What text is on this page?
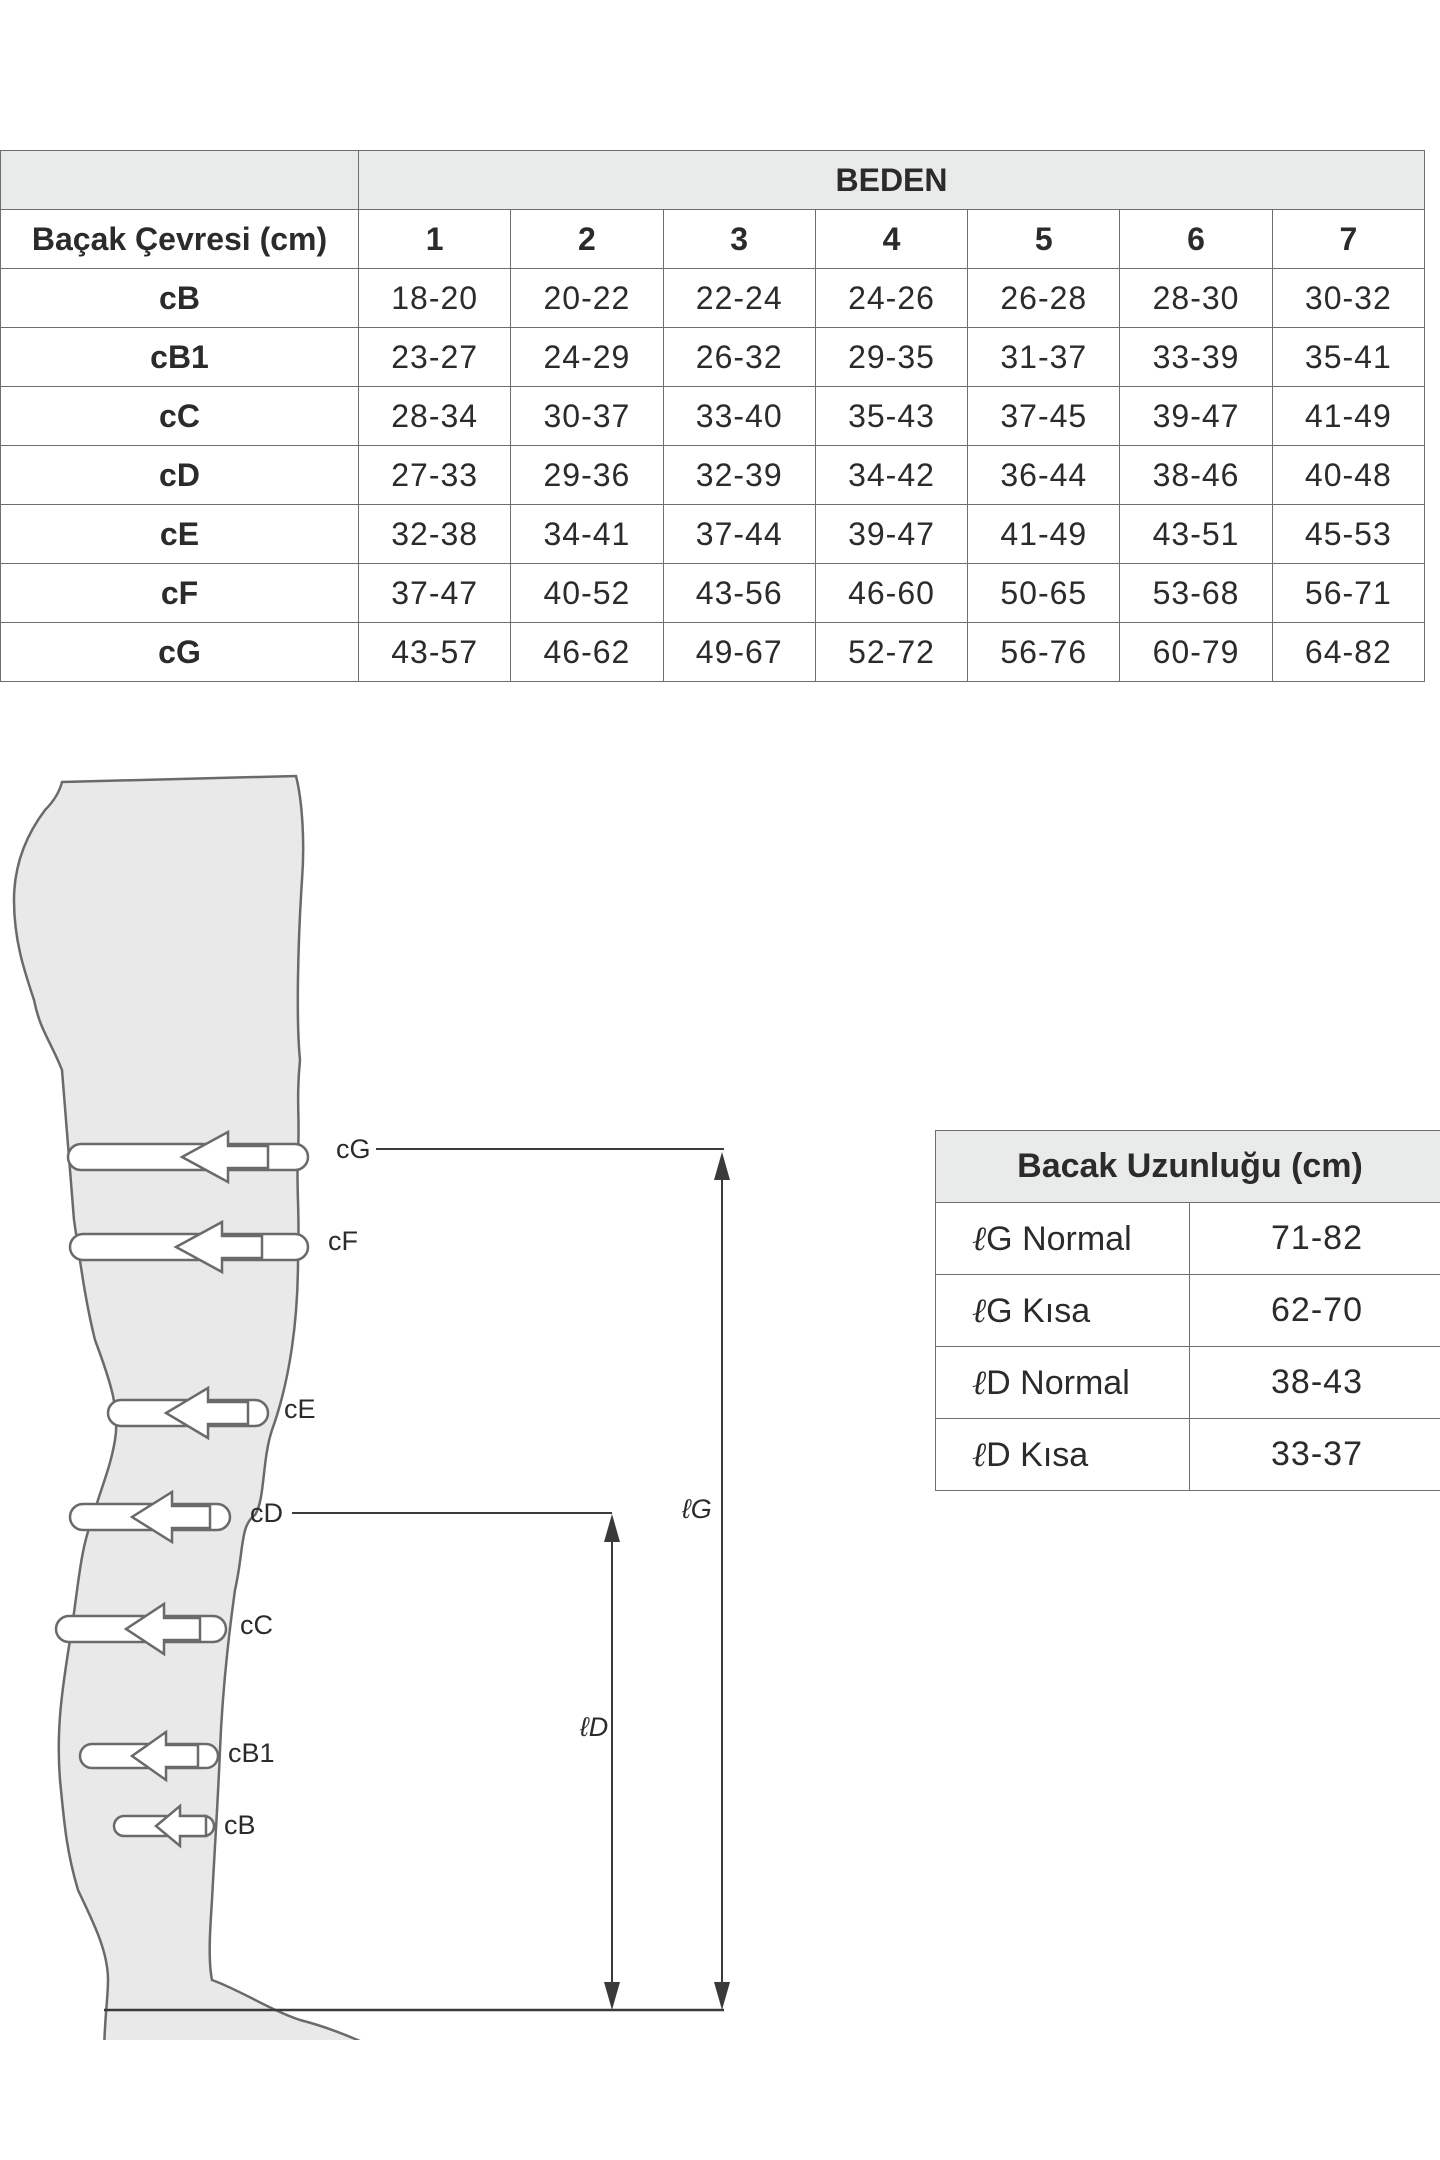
	BEDEN						
Baçak Çevresi (cm)	1	2	3	4	5	6	7
cB	18-20	20-22	22-24	24-26	26-28	28-30	30-32
cB1	23-27	24-29	26-32	29-35	31-37	33-39	35-41
cC	28-34	30-37	33-40	35-43	37-45	39-47	41-49
cD	27-33	29-36	32-39	34-42	36-44	38-46	40-48
cE	32-38	34-41	37-44	39-47	41-49	43-51	45-53
cF	37-47	40-52	43-56	46-60	50-65	53-68	56-71
cG	43-57	46-62	49-67	52-72	56-76	60-79	64-82
cG
cF
cE
cD
cC
cB1
cB
ℓG
ℓD
Bacak Uzunluğu (cm)	
ℓG Normal	71-82
ℓG Kısa	62-70
ℓD Normal	38-43
ℓD Kısa	33-37
